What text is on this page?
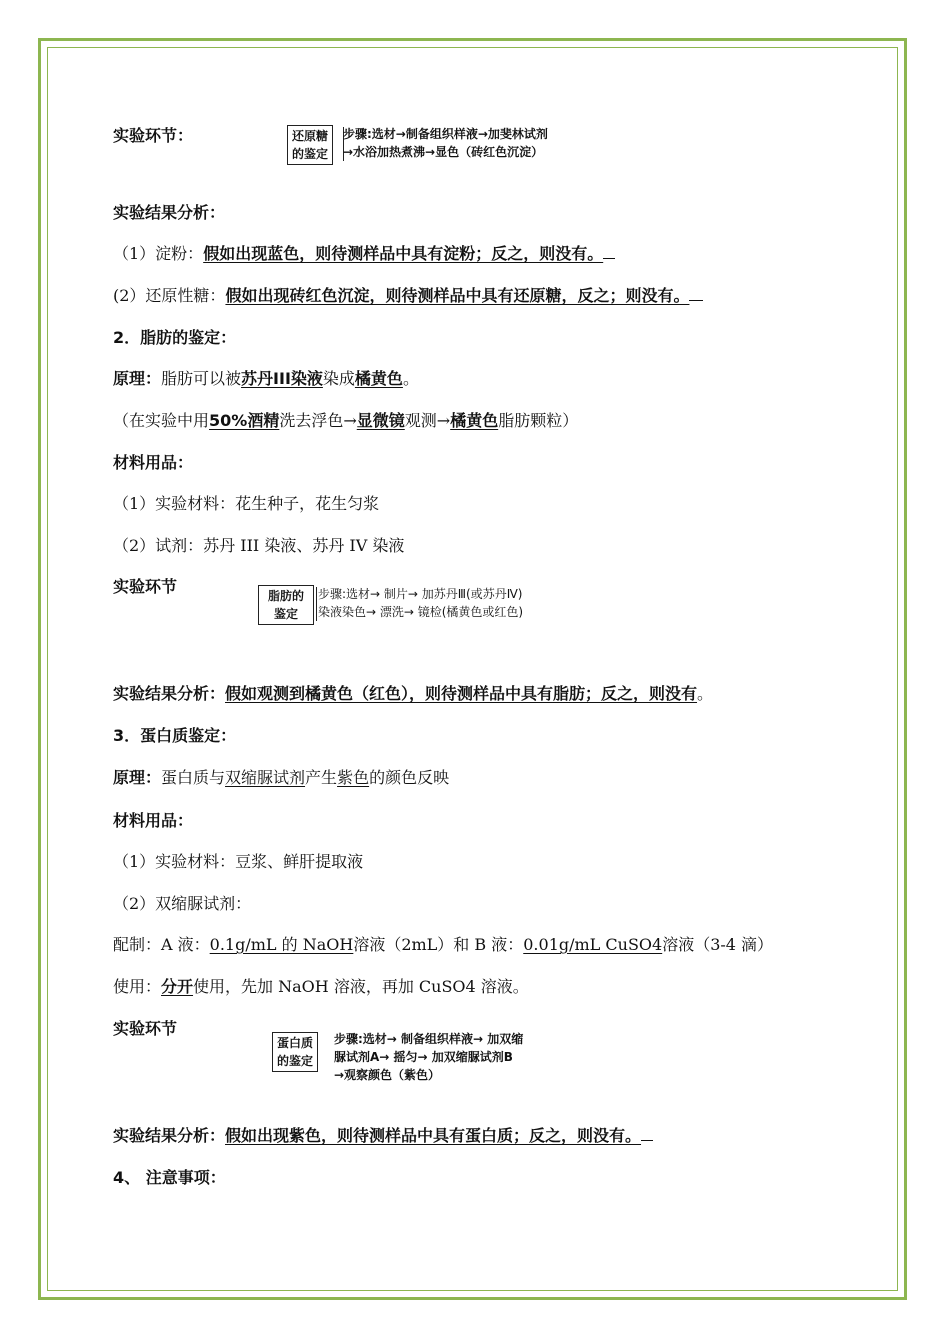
实验环节：	还原糖
的鉴定
步骤:选材→制备组织样液→加斐林试剂
→水浴加热煮沸→显色（砖红色沉淀）
实验结果分析：
（1）淀粉：假如出现蓝色，则待测样品中具有淀粉；反之，则没有。
(2）还原性糖：假如出现砖红色沉淀，则待测样品中具有还原糖，反之；则没有。
2．脂肪的鉴定：
原理：脂肪可以被苏丹III染液染成橘黄色。
（在实验中用50%酒精洗去浮色→显微镜观测→橘黄色脂肪颗粒）
材料用品：
（1）实验材料：花生种子，花生匀浆
（2）试剂：苏丹 III 染液、苏丹 IV 染液
实验环节	脂肪的
鉴定
步骤:选材→ 制片→ 加苏丹Ⅲ(或苏丹Ⅳ)
染液染色→ 漂洗→ 镜检(橘黄色或红色)
实验结果分析：假如观测到橘黄色（红色），则待测样品中具有脂肪；反之，则没有。
3．蛋白质鉴定：
原理：蛋白质与双缩脲试剂产生紫色的颜色反映
材料用品：
（1）实验材料：豆浆、鲜肝提取液
（2）双缩脲试剂：
配制：A 液：0.1g/mL 的 NaOH溶液（2mL）和 B 液：0.01g/mL CuSO4溶液（3-4 滴）
使用：分开使用，先加 NaOH 溶液，再加 CuSO4 溶液。
实验环节
蛋白质
的鉴定
步骤:选材→ 制备组织样液→ 加双缩
脲试剂A→ 摇匀→ 加双缩脲试剂B
→观察颜色（紫色）
实验结果分析：假如出现紫色，则待测样品中具有蛋白质；反之，则没有。
4、 注意事项：
